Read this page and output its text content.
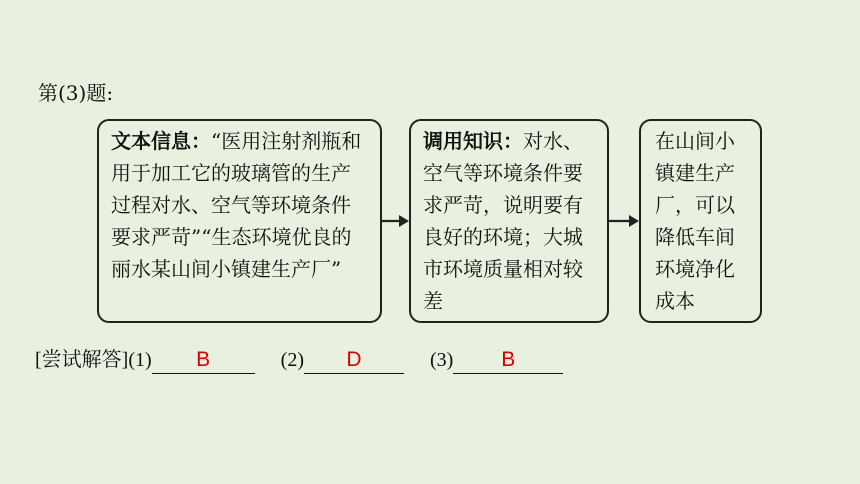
第(3)题:
文本信息：“医用注射剂瓶和用于加工它的玻璃管的生产过程对水、空气等环境条件要求严苛”“生态环境优良的丽水某山间小镇建生产厂”
调用知识：对水、空气等环境条件要求严苛，说明要有良好的环境；大城市环境质量相对较差
在山间小镇建生产厂，可以降低车间环境净化成本
[尝试解答](1) B	(2) D	(3) B
